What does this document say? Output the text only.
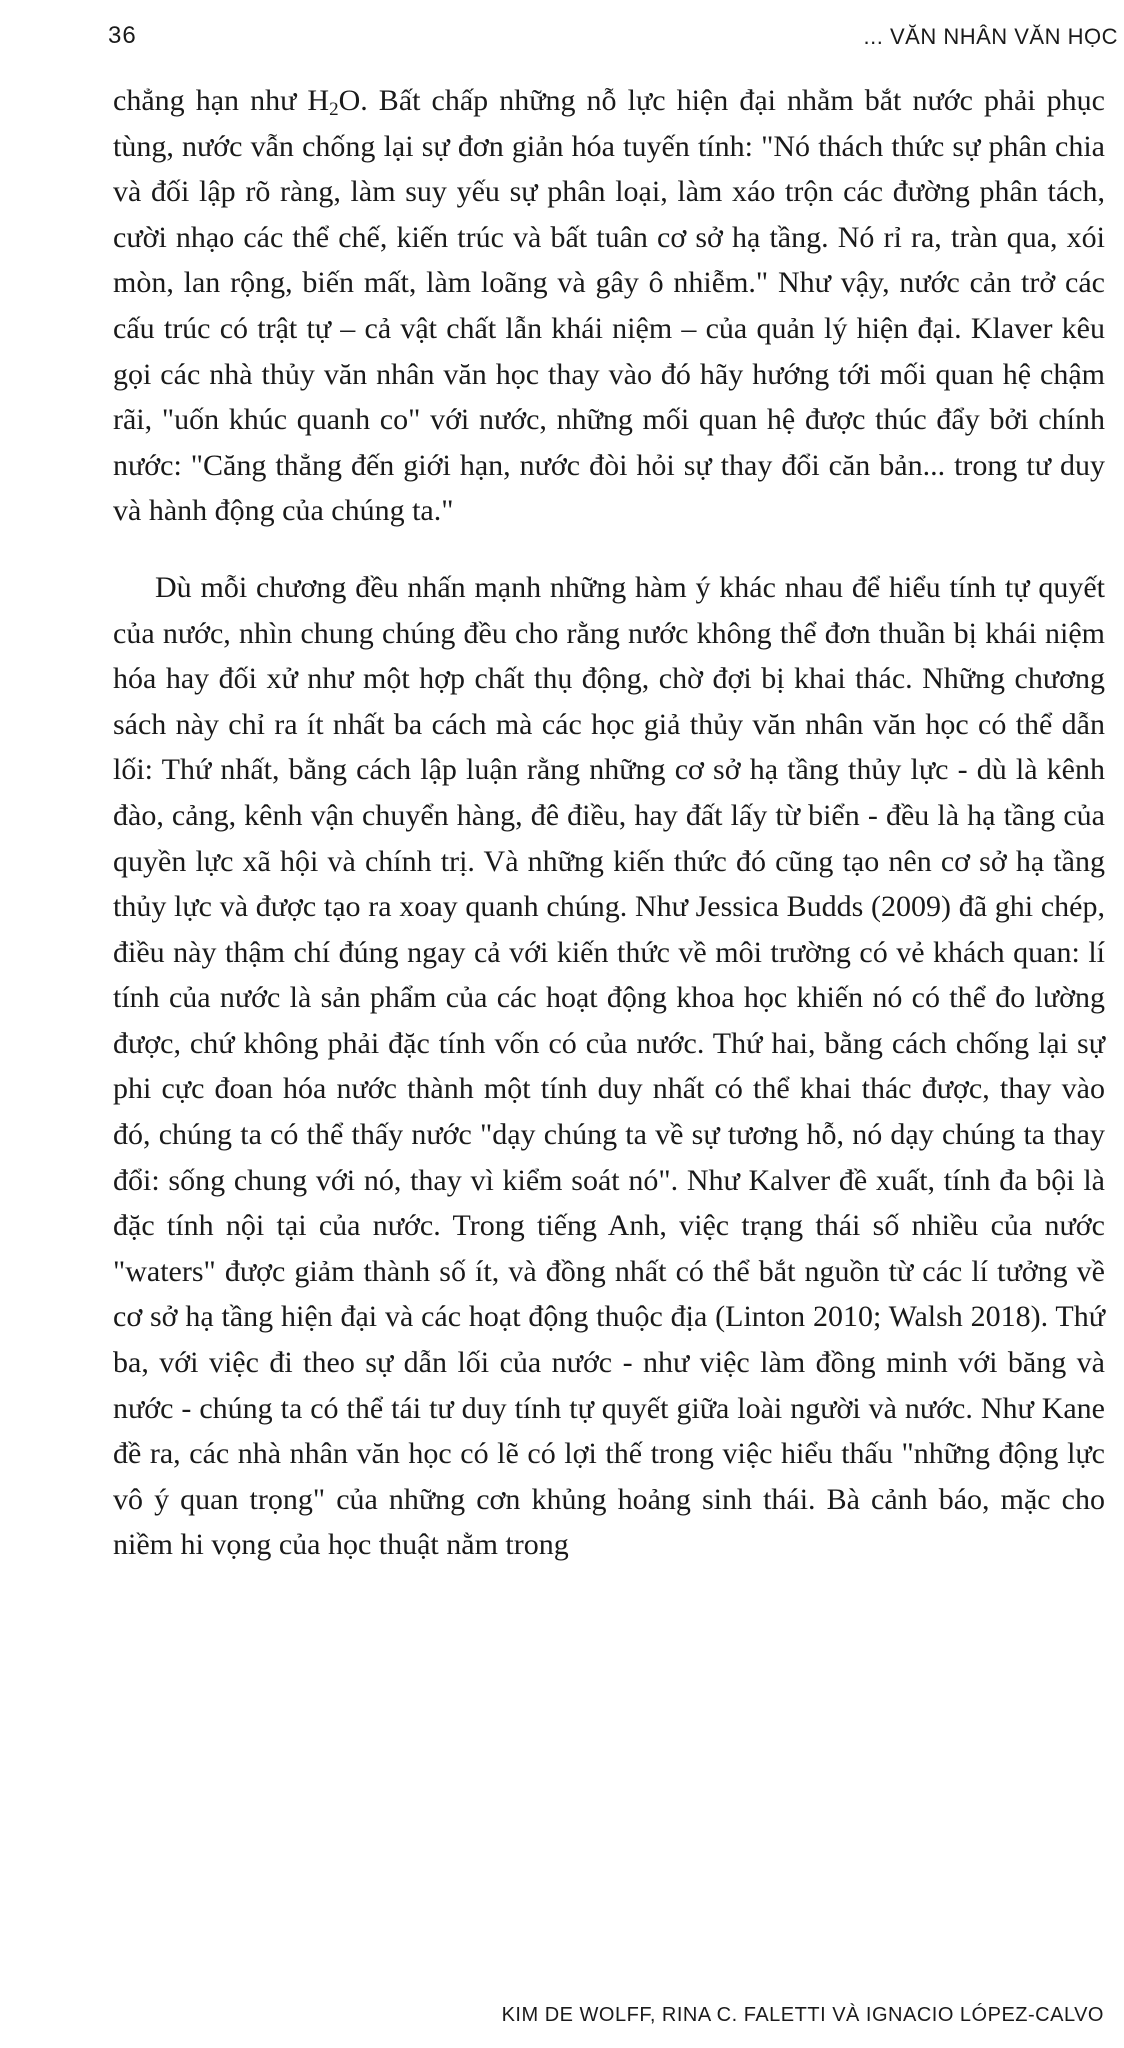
36	... VĂN NHÂN VĂN HỌC

chẳng hạn như $H_2O$. Bất chấp những nỗ lực hiện đại nhằm bắt nước phải phục tùng, nước vẫn chống lại sự đơn giản hóa tuyến tính: "Nó thách thức sự phân chia và đối lập rõ ràng, làm suy yếu sự phân loại, làm xáo trộn các đường phân tách, cười nhạo các thể chế, kiến trúc và bất tuân cơ sở hạ tầng. Nó rỉ ra, tràn qua, xói mòn, lan rộng, biến mất, làm loãng và gây ô nhiễm." Như vậy, nước cản trở các cấu trúc có trật tự – cả vật chất lẫn khái niệm – của quản lý hiện đại. Klaver kêu gọi các nhà thủy văn nhân văn học thay vào đó hãy hướng tới mối quan hệ chậm rãi, "uốn khúc quanh co" với nước, những mối quan hệ được thúc đẩy bởi chính nước: "Căng thẳng đến giới hạn, nước đòi hỏi sự thay đổi căn bản... trong tư duy và hành động của chúng ta."

Dù mỗi chương đều nhấn mạnh những hàm ý khác nhau để hiểu tính tự quyết của nước, nhìn chung chúng đều cho rằng nước không thể đơn thuần bị khái niệm hóa hay đối xử như một hợp chất thụ động, chờ đợi bị khai thác. Những chương sách này chỉ ra ít nhất ba cách mà các học giả thủy văn nhân văn học có thể dẫn lối: Thứ nhất, bằng cách lập luận rằng những cơ sở hạ tầng thủy lực - dù là kênh đào, cảng, kênh vận chuyển hàng, đê điều, hay đất lấy từ biển - đều là hạ tầng của quyền lực xã hội và chính trị. Và những kiến thức đó cũng tạo nên cơ sở hạ tầng thủy lực và được tạo ra xoay quanh chúng. Như Jessica Budds (2009) đã ghi chép, điều này thậm chí đúng ngay cả với kiến thức về môi trường có vẻ khách quan: lí tính của nước là sản phẩm của các hoạt động khoa học khiến nó có thể đo lường được, chứ không phải đặc tính vốn có của nước. Thứ hai, bằng cách chống lại sự phi cực đoan hóa nước thành một tính duy nhất có thể khai thác được, thay vào đó, chúng ta có thể thấy nước "dạy chúng ta về sự tương hỗ, nó dạy chúng ta thay đổi: sống chung với nó, thay vì kiểm soát nó". Như Kalver đề xuất, tính đa bội là đặc tính nội tại của nước. Trong tiếng Anh, việc trạng thái số nhiều của nước "waters" được giảm thành số ít, và đồng nhất có thể bắt nguồn từ các lí tưởng về cơ sở hạ tầng hiện đại và các hoạt động thuộc địa (Linton 2010; Walsh 2018). Thứ ba, với việc đi theo sự dẫn lối của nước - như việc làm đồng minh với băng và nước - chúng ta có thể tái tư duy tính tự quyết giữa loài người và nước. Như Kane đề ra, các nhà nhân văn học có lẽ có lợi thế trong việc hiểu thấu "những động lực vô ý quan trọng" của những cơn khủng hoảng sinh thái. Bà cảnh báo, mặc cho niềm hi vọng của học thuật nằm trong

KIM DE WOLFF, RINA C. FALETTI VÀ IGNACIO LÓPEZ-CALVO
